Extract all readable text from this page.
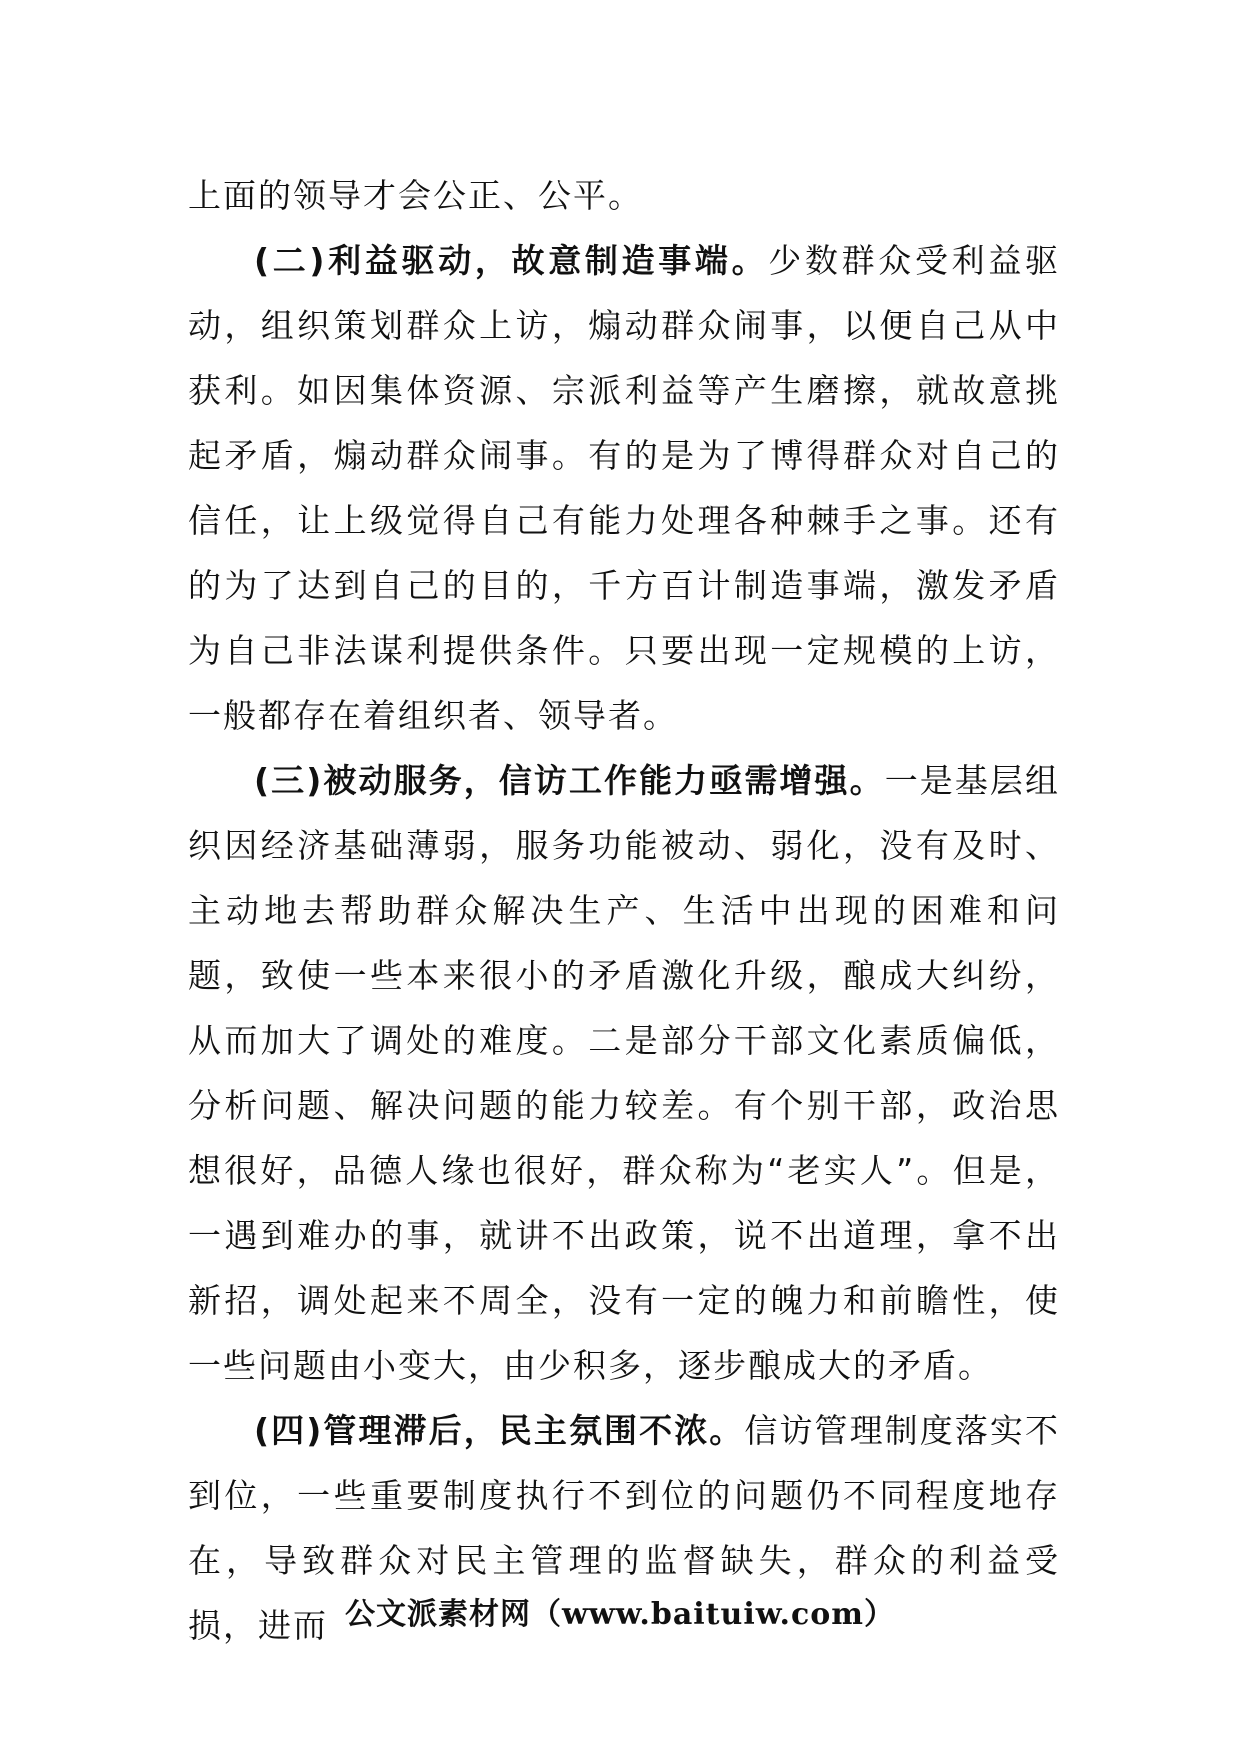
上面的领导才会公正、公平。

(二)利益驱动，故意制造事端。少数群众受利益驱动，组织策划群众上访，煽动群众闹事，以便自己从中获利。如因集体资源、宗派利益等产生磨擦，就故意挑起矛盾，煽动群众闹事。有的是为了博得群众对自己的信任，让上级觉得自己有能力处理各种棘手之事。还有的为了达到自己的目的，千方百计制造事端，激发矛盾为自己非法谋利提供条件。只要出现一定规模的上访，一般都存在着组织者、领导者。

(三)被动服务，信访工作能力亟需增强。一是基层组织因经济基础薄弱，服务功能被动、弱化，没有及时、主动地去帮助群众解决生产、生活中出现的困难和问题，致使一些本来很小的矛盾激化升级，酿成大纠纷，从而加大了调处的难度。二是部分干部文化素质偏低，分析问题、解决问题的能力较差。有个别干部，政治思想很好，品德人缘也很好，群众称为“老实人”。但是，一遇到难办的事，就讲不出政策，说不出道理，拿不出新招，调处起来不周全，没有一定的魄力和前瞻性，使一些问题由小变大，由少积多，逐步酿成大的矛盾。

(四)管理滞后，民主氛围不浓。信访管理制度落实不到位，一些重要制度执行不到位的问题仍不同程度地存在，导致群众对民主管理的监督缺失，群众的利益受损，进而 公文派素材网（www.baituiw.com）
